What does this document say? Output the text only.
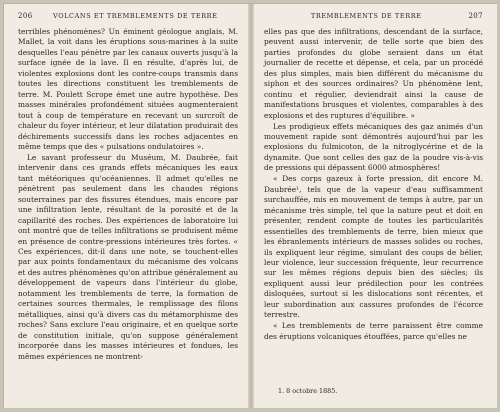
206	VOLCANS ET TREMBLEMENTS DE TERRE

terribles phénomènes? Un éminent géologue anglais, M. Mallet, la voit dans les éruptions sous-marines à la suite desquelles l'eau pénètre par les canaux ouverts jusqu'à la surface ignée de la lave. Il en résulte, d'après lui, de violentes explosions dont les contre-coups transmis dans toutes les directions constituent les tremblements de terre. M. Poulett Scrope émet une autre hypothèse. Des masses minérales profondément situées augmenteraient tout à coup de température en recevant un surcroît de chaleur du foyer intérieur, et leur dilatation produirait des déchirements successifs dans les roches adjacentes en même temps que des « pulsations ondulatoires ».

Le savant professeur du Muséum, M. Daubrée, fait intervenir dans ces grands effets mécaniques les eaux tant météoriques qu'océaniennes. Il admet qu'elles ne pénètrent pas seulement dans les chaudes régions souterraines par des fissures étendues, mais encore par une infiltration lente, résultant de la porosité et de la capillarité des roches. Des expériences de laboratoire lui ont montré que de telles infiltrations se produisent même en présence de contre-pressions intérieures très fortes. « Ces expériences, dit-il dans une note, se touchent-elles par aux points fondamentaux du mécanisme des volcans et des autres phénomènes qu'on attribue généralement au développement de vapeurs dans l'intérieur du globe, notamment les tremblements de terre, la formation de certaines sources thermales, le remplissage des filons métalliques, ainsi qu'à divers cas du métamorphisme des roches? Sans exclure l'eau originaire, et en quelque sorte de constitution initiale, qu'on suppose généralement incorporée dans les masses intérieures et fondues, les mêmes expériences ne montrent-

TREMBLEMENTS DE TERRE	207

elles pas que des infiltrations, descendant de la surface, peuvent aussi intervenir, de telle sorte que bien des parties profondes du globe seraient dans un état journalier de recette et dépense, et cela, par un procédé des plus simples, mais bien différent du mécanisme du siphon et des sources ordinaires? Un phénomène lent, continu et régulier, deviendrait ainsi la cause de manifestations brusques et violentes, comparables à des explosions et des ruptures d'équilibre. »

Les prodigieux effets mécaniques des gaz animés d'un mouvement rapide sont démontrés aujourd'hui par les explosions du fulmicoton, de la nitroglycérine et de la dynamite. Que sont celles des gaz de la poudre vis-à-vis de pressions qui dépassent 6000 atmosphères!

« Des corps gazeux à forte pression, dit encore M. Daubrée¹, tels que de la vapeur d'eau suffisamment surchauffée, mis en mouvement de temps à autre, par un mécanisme très simple, tel que la nature peut et doit en présenter, rendent compte de toutes les particularités essentielles des tremblements de terre, bien mieux que les ébranlements intérieurs de masses solides ou roches, ils expliquent leur régime, simulant des coups de bélier, leur violence, leur succession fréquente, leur recurrence sur les mêmes régions depuis bien des siècles; ils expliquent aussi leur prédilection pour les contrées disloquées, surtout si les dislocations sont récentes, et leur subordination aux cassures profondes de l'écorce terrestre.

« Les tremblements de terre paraissent être comme des éruptions volcaniques étouffées, parce qu'elles ne

1. 8 octobre 1885.
